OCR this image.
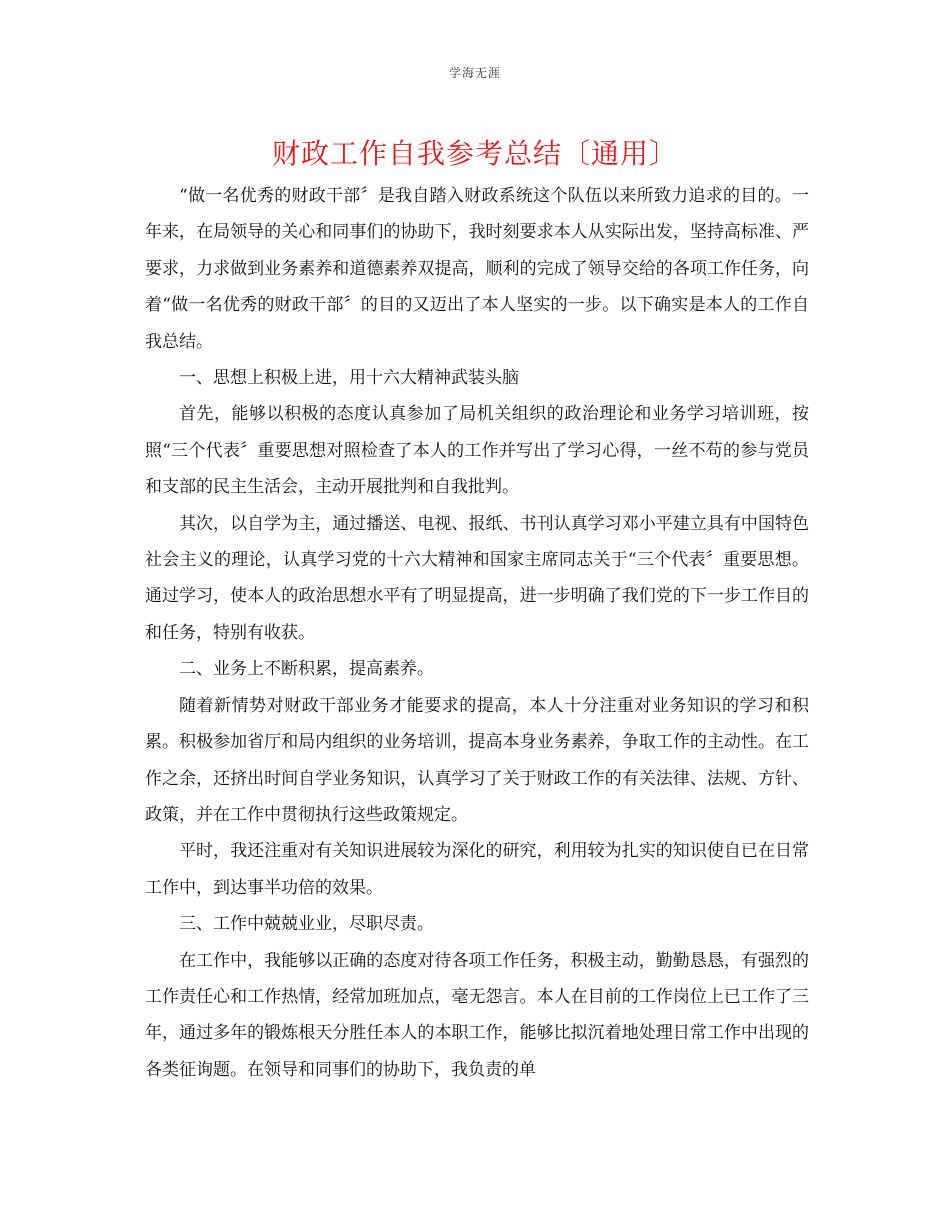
学海无涯
财政工作自我参考总结〔通用〕

“做一名优秀的财政干部〞是我自踏入财政系统这个队伍以来所致力追求的目的。一年来，在局领导的关心和同事们的协助下，我时刻要求本人从实际出发，坚持高标准、严要求，力求做到业务素养和道德素养双提高，顺利的完成了领导交给的各项工作任务，向着“做一名优秀的财政干部〞的目的又迈出了本人坚实的一步。以下确实是本人的工作自我总结。

一、思想上积极上进，用十六大精神武装头脑

首先，能够以积极的态度认真参加了局机关组织的政治理论和业务学习培训班，按照“三个代表〞重要思想对照检查了本人的工作并写出了学习心得，一丝不苟的参与党员和支部的民主生活会，主动开展批判和自我批判。

其次，以自学为主，通过播送、电视、报纸、书刊认真学习邓小平建立具有中国特色社会主义的理论，认真学习党的十六大精神和国家主席同志关于“三个代表〞重要思想。通过学习，使本人的政治思想水平有了明显提高，进一步明确了我们党的下一步工作目的和任务，特别有收获。

二、业务上不断积累，提高素养。

随着新情势对财政干部业务才能要求的提高，本人十分注重对业务知识的学习和积累。积极参加省厅和局内组织的业务培训，提高本身业务素养，争取工作的主动性。在工作之余，还挤出时间自学业务知识，认真学习了关于财政工作的有关法律、法规、方针、政策，并在工作中贯彻执行这些政策规定。

平时，我还注重对有关知识进展较为深化的研究，利用较为扎实的知识使自已在日常工作中，到达事半功倍的效果。

三、工作中兢兢业业，尽职尽责。

在工作中，我能够以正确的态度对待各项工作任务，积极主动，勤勤恳恳，有强烈的工作责任心和工作热情，经常加班加点，毫无怨言。本人在目前的工作岗位上已工作了三年，通过多年的锻炼根天分胜任本人的本职工作，能够比拟沉着地处理日常工作中出现的各类征询题。在领导和同事们的协助下，我负责的单
